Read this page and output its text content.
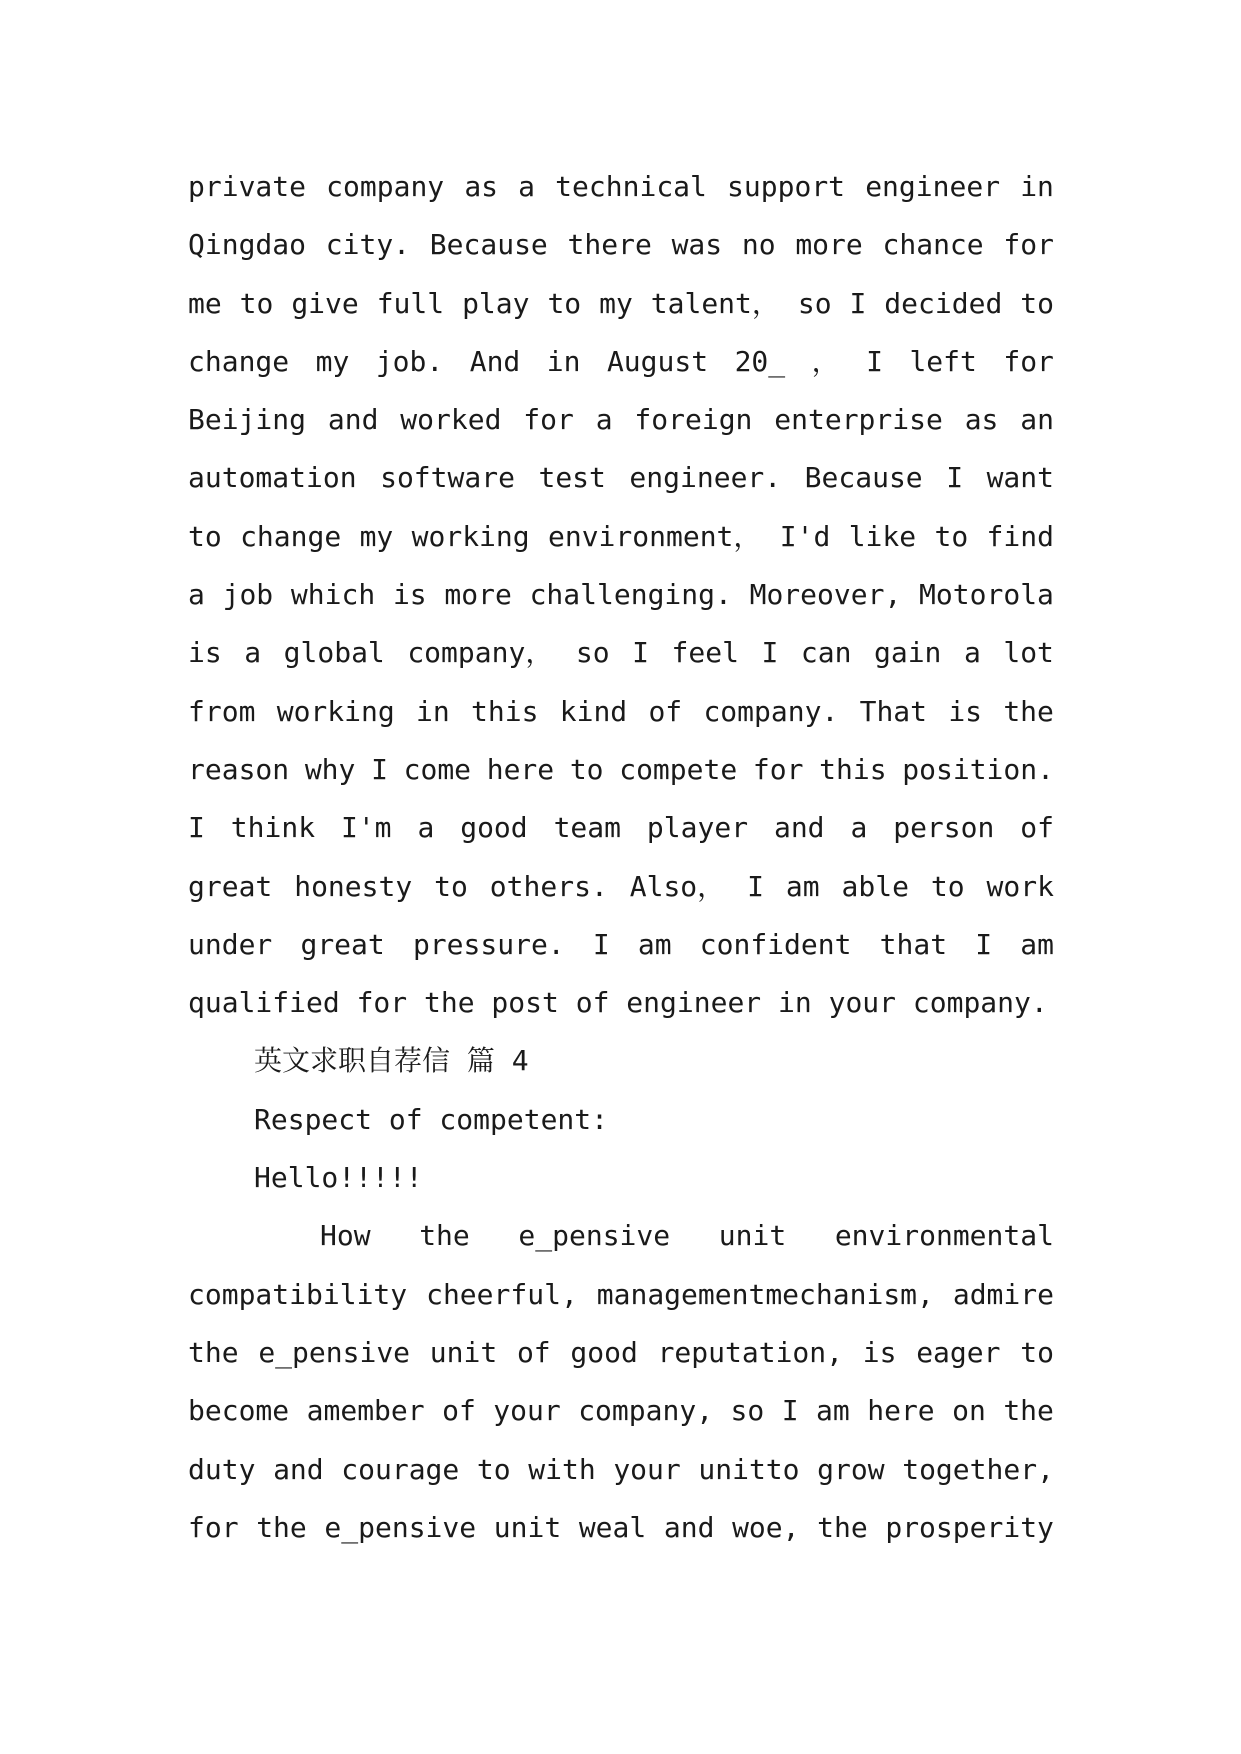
private company as a technical support engineer in
Qingdao city. Because there was no more chance for
me to give full play to my talent， so I decided to
change my job. And in August 20_ ， I left for
Beijing and worked for a foreign enterprise as an
automation software test engineer. Because I want
to change my working environment， I'd like to find
a job which is more challenging. Moreover, Motorola
is a global company， so I feel I can gain a lot
from working in this kind of company. That is the
reason why I come here to compete for this position.
I think I'm a good team player and a person of
great honesty to others. Also， I am able to work
under great pressure. I am confident that I am
qualified for the post of engineer in your company.
英文求职自荐信 篇 4
Respect of competent:
Hello!!!!!
How the e_pensive unit environmental
compatibility cheerful, managementmechanism, admire
the e_pensive unit of good reputation, is eager to
become amember of your company, so I am here on the
duty and courage to with your unitto grow together,
for the e_pensive unit weal and woe, the prosperity
